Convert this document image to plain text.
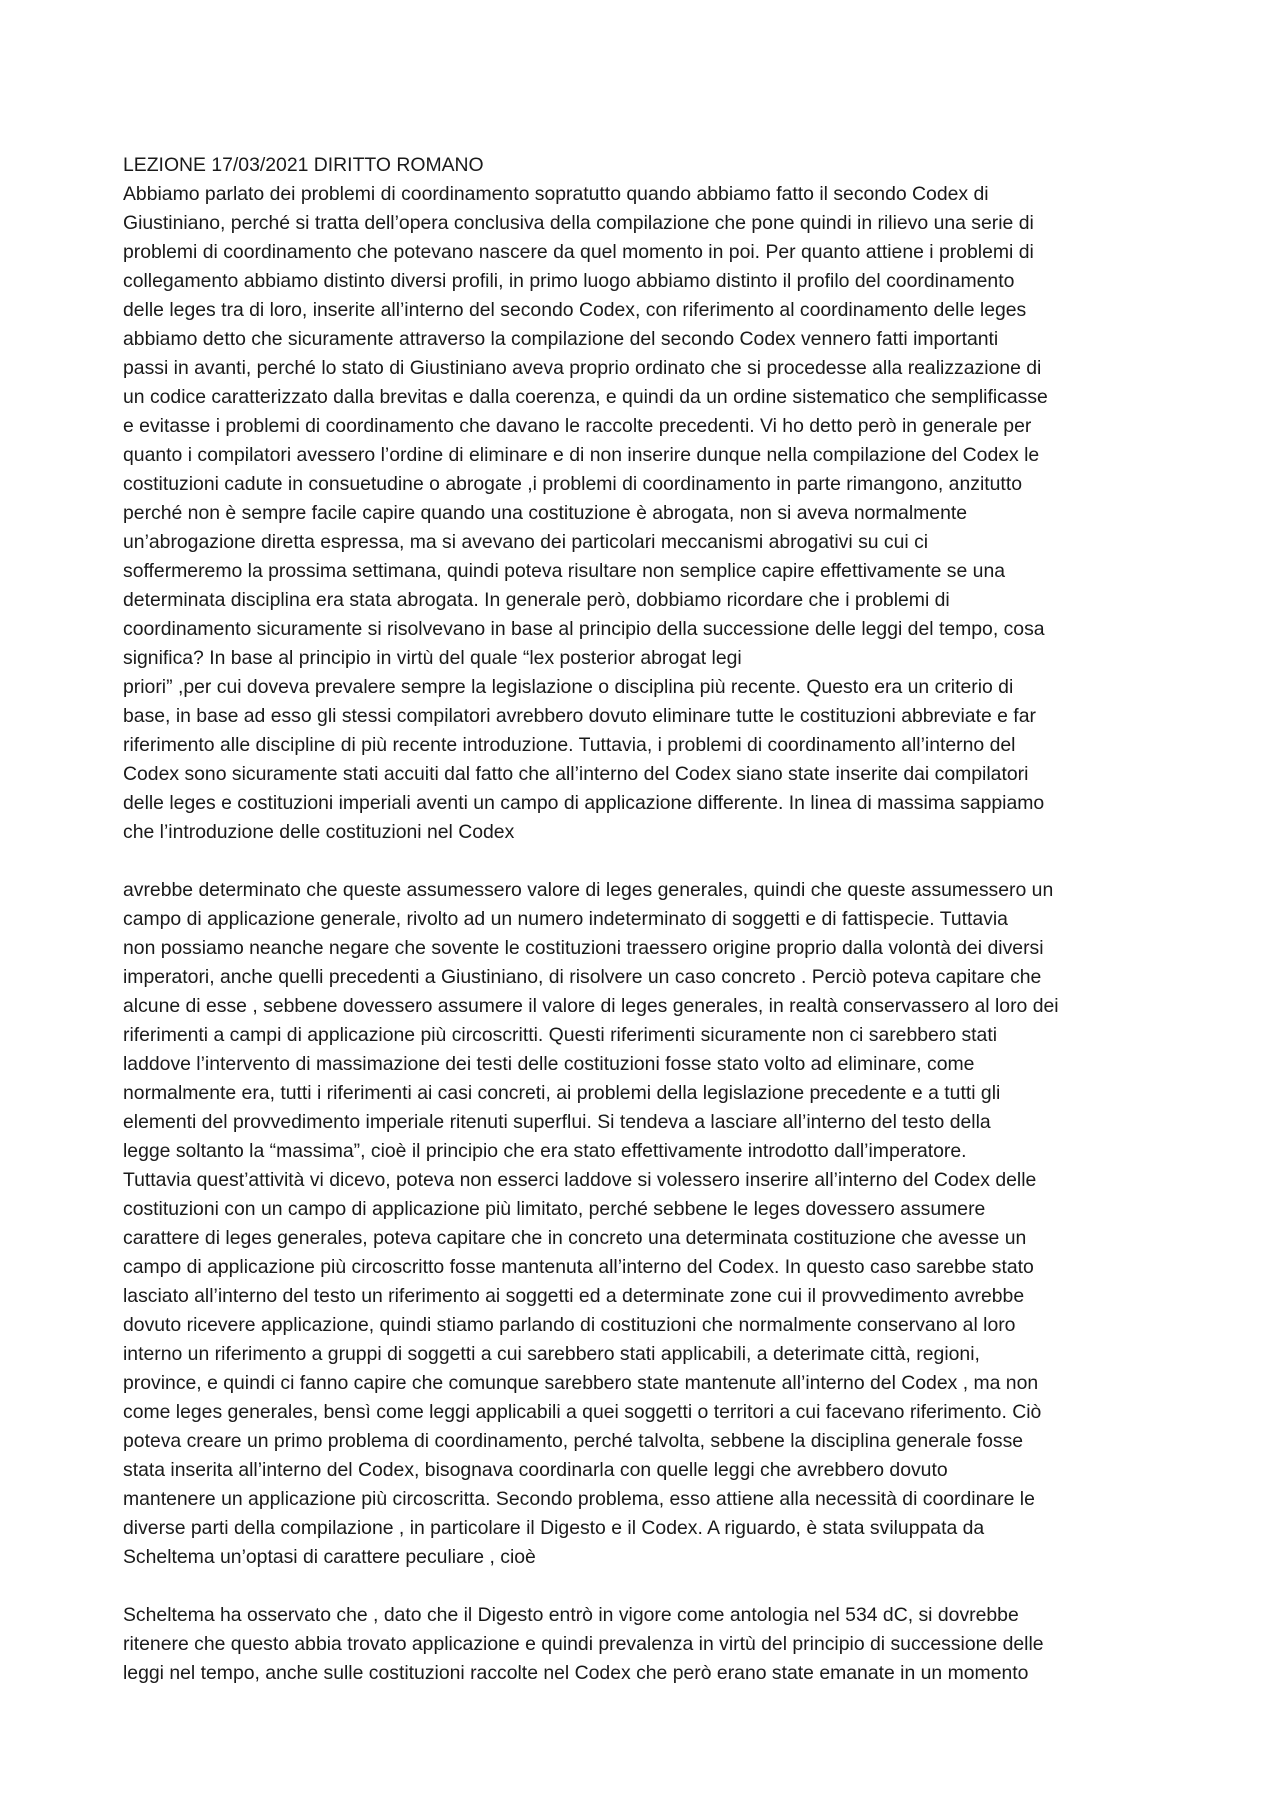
LEZIONE 17/03/2021 DIRITTO ROMANO
Abbiamo parlato dei problemi di coordinamento sopratutto quando abbiamo fatto il secondo Codex di
Giustiniano, perché si tratta dell’opera conclusiva della compilazione che pone quindi in rilievo una serie di
problemi di coordinamento che potevano nascere da quel momento in poi. Per quanto attiene i problemi di
collegamento abbiamo distinto diversi profili, in primo luogo abbiamo distinto il profilo del coordinamento
delle leges tra di loro, inserite all’interno del secondo Codex, con riferimento al coordinamento delle leges
abbiamo detto che sicuramente attraverso la compilazione del secondo Codex vennero fatti importanti
passi in avanti, perché lo stato di Giustiniano aveva proprio ordinato che si procedesse alla realizzazione di
un codice caratterizzato dalla brevitas e dalla coerenza, e quindi da un ordine sistematico che semplificasse
e evitasse i problemi di coordinamento che davano le raccolte precedenti. Vi ho detto però in generale per
quanto i compilatori avessero l’ordine di eliminare e di non inserire dunque nella compilazione del Codex le
costituzioni cadute in consuetudine o abrogate ,i problemi di coordinamento in parte rimangono, anzitutto
perché non è sempre facile capire quando una costituzione è abrogata, non si aveva normalmente
un’abrogazione diretta espressa, ma si avevano dei particolari meccanismi abrogativi su cui ci
soffermeremo la prossima settimana, quindi poteva risultare non semplice capire effettivamente se una
determinata disciplina era stata abrogata. In generale però, dobbiamo ricordare che i problemi di
coordinamento sicuramente si risolvevano in base al principio della successione delle leggi del tempo, cosa
significa? In base al principio in virtù del quale “lex posterior abrogat legi
priori” ,per cui doveva prevalere sempre la legislazione o disciplina più recente. Questo era un criterio di
base, in base ad esso gli stessi compilatori avrebbero dovuto eliminare tutte le costituzioni abbreviate e far
riferimento alle discipline di più recente introduzione. Tuttavia, i problemi di coordinamento all’interno del
Codex sono sicuramente stati accuiti dal fatto che all’interno del Codex siano state inserite dai compilatori
delle leges e costituzioni imperiali aventi un campo di applicazione differente. In linea di massima sappiamo
che l’introduzione delle costituzioni nel Codex
avrebbe determinato che queste assumessero valore di leges generales, quindi che queste assumessero un
campo di applicazione generale, rivolto ad un numero indeterminato di soggetti e di fattispecie. Tuttavia
non possiamo neanche negare che sovente le costituzioni traessero origine proprio dalla volontà dei diversi
imperatori, anche quelli precedenti a Giustiniano, di risolvere un caso concreto . Perciò poteva capitare che
alcune di esse , sebbene dovessero assumere il valore di leges generales, in realtà conservassero al loro dei
riferimenti a campi di applicazione più circoscritti. Questi riferimenti sicuramente non ci sarebbero stati
laddove l’intervento di massimazione dei testi delle costituzioni fosse stato volto ad eliminare, come
normalmente era, tutti i riferimenti ai casi concreti, ai problemi della legislazione precedente e a tutti gli
elementi del provvedimento imperiale ritenuti superflui. Si tendeva a lasciare all’interno del testo della
legge soltanto la “massima”, cioè il principio che era stato effettivamente introdotto dall’imperatore.
Tuttavia quest’attività vi dicevo, poteva non esserci laddove si volessero inserire all’interno del Codex delle
costituzioni con un campo di applicazione più limitato, perché sebbene le leges dovessero assumere
carattere di leges generales, poteva capitare che in concreto una determinata costituzione che avesse un
campo di applicazione più circoscritto fosse mantenuta all’interno del Codex. In questo caso sarebbe stato
lasciato all’interno del testo un riferimento ai soggetti ed a determinate zone cui il provvedimento avrebbe
dovuto ricevere applicazione, quindi stiamo parlando di costituzioni che normalmente conservano al loro
interno un riferimento a gruppi di soggetti a cui sarebbero stati applicabili, a deterimate città, regioni,
province, e quindi ci fanno capire che comunque sarebbero state mantenute all’interno del Codex , ma non
come leges generales, bensì come leggi applicabili a quei soggetti o territori a cui facevano riferimento. Ciò
poteva creare un primo problema di coordinamento, perché talvolta, sebbene la disciplina generale fosse
stata inserita all’interno del Codex, bisognava coordinarla con quelle leggi che avrebbero dovuto
mantenere un applicazione più circoscritta. Secondo problema, esso attiene alla necessità di coordinare le
diverse parti della compilazione , in particolare il Digesto e il Codex. A riguardo, è stata sviluppata da
Scheltema un’optasi di carattere peculiare , cioè
Scheltema ha osservato che , dato che il Digesto entrò in vigore come antologia nel 534 dC, si dovrebbe
ritenere che questo abbia trovato applicazione e quindi prevalenza in virtù del principio di successione delle
leggi nel tempo, anche sulle costituzioni raccolte nel Codex che però erano state emanate in un momento
